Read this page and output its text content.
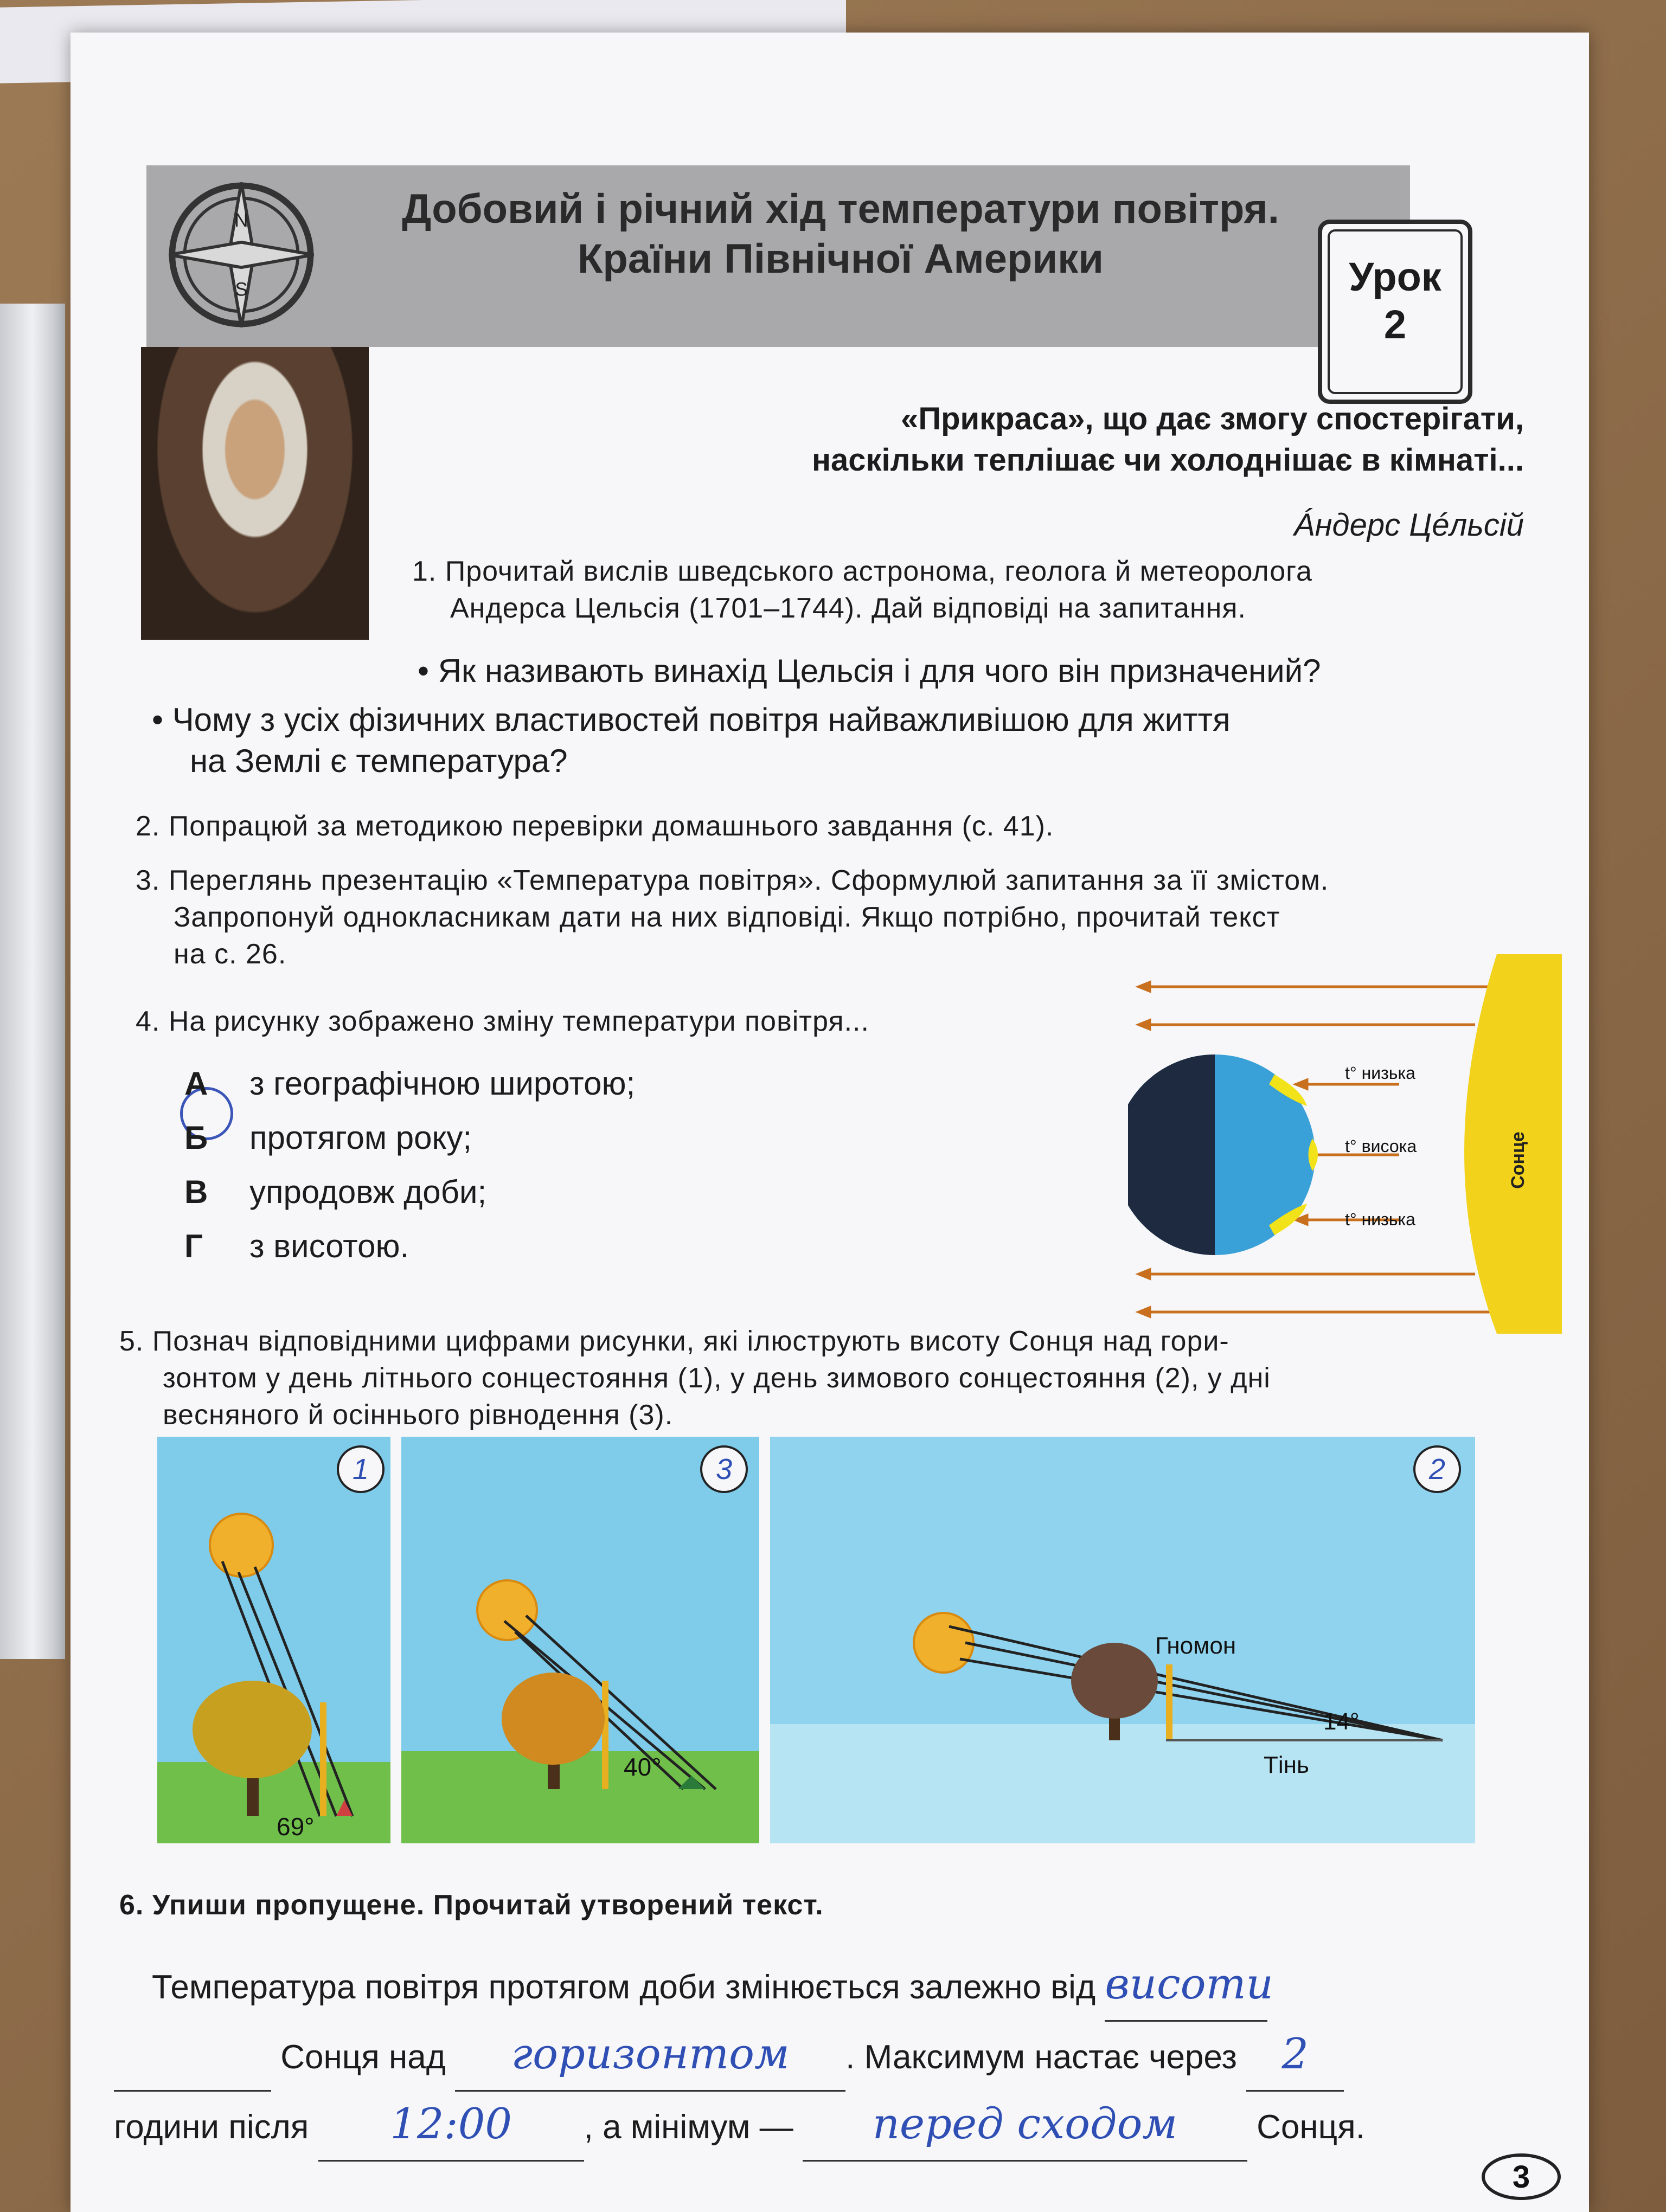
N
S
Добовий і річний хід температури повітря.
Країни Північної Америки	Урок
2
«Прикраса», що дає змогу спостерігати,
наскільки теплішає чи холоднішає в кімнаті...
Áндерс Цéльсій
1. Прочитай вислів шведського астронома, геолога й метеоролога
Андерса Цельсія (1701–1744). Дай відповіді на запитання.
• Як називають винахід Цельсія і для чого він призначений?
• Чому з усіх фізичних властивостей повітря найважливішою для життя
на Землі є температура?
2. Попрацюй за методикою перевірки домашнього завдання (с. 41).
3. Переглянь презентацію «Температура повітря». Сформулюй запитання за її змістом.
Запропонуй однокласникам дати на них відповіді. Якщо потрібно, прочитай текст
на с. 26.
4. На рисунку зображено зміну температури повітря...
А з географічною широтою;
Б протягом року;
В упродовж доби;
Г з висотою.
Сонце
t° низька
t° висока
t° низька
5. Познач відповідними цифрами рисунки, які ілюструють висоту Сонця над гори-
зонтом у день літнього сонцестояння (1), у день зимового сонцестояння (2), у дні
весняного й осіннього рівнодення (3).
69°
40°
Гномон
14°
Тінь
1	3	2
6. Упиши пропущене. Прочитай утворений текст.
Температура повітря протягом доби змінюється залежно від висоти
Сонця над горизонтом . Максимум настає через 2
години після 12:00 , а мінімум — перед сходом Сонця.
3
